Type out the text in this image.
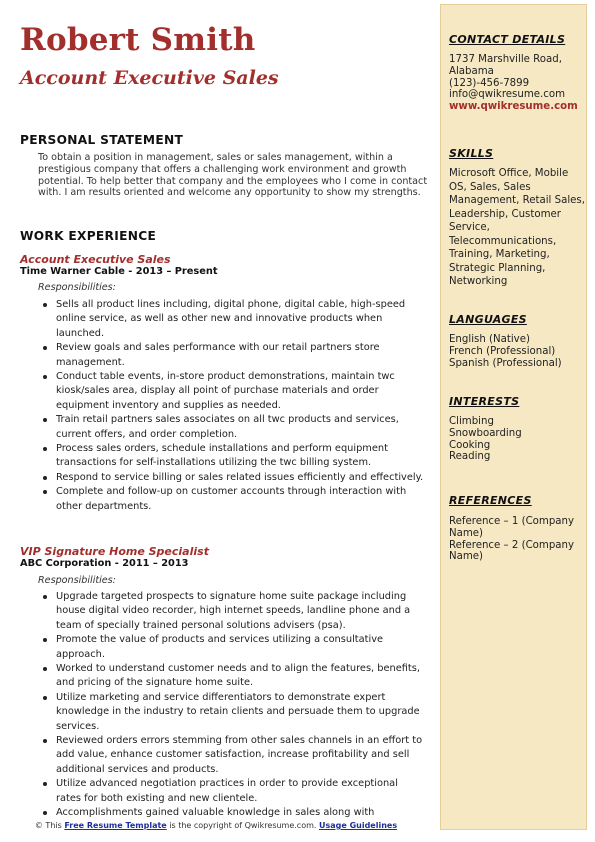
Robert Smith
Account Executive Sales
PERSONAL STATEMENT
To obtain a position in management, sales or sales management, within a prestigious company that offers a challenging work environment and growth potential. To help better that company and the employees who I come in contact with. I am results oriented and welcome any opportunity to show my strengths.
WORK EXPERIENCE
Account Executive Sales
Time Warner Cable - 2013 – Present
Responsibilities:
Sells all product lines including, digital phone, digital cable, high-speed online service, as well as other new and innovative products when launched.
Review goals and sales performance with our retail partners store management.
Conduct table events, in-store product demonstrations, maintain twc kiosk/sales area, display all point of purchase materials and order equipment inventory and supplies as needed.
Train retail partners sales associates on all twc products and services, current offers, and order completion.
Process sales orders, schedule installations and perform equipment transactions for self-installations utilizing the twc billing system.
Respond to service billing or sales related issues efficiently and effectively.
Complete and follow-up on customer accounts through interaction with other departments.
VIP Signature Home Specialist
ABC Corporation - 2011 – 2013
Responsibilities:
Upgrade targeted prospects to signature home suite package including house digital video recorder, high internet speeds, landline phone and a team of specially trained personal solutions advisers (psa).
Promote the value of products and services utilizing a consultative approach.
Worked to understand customer needs and to align the features, benefits, and pricing of the signature home suite.
Utilize marketing and service differentiators to demonstrate expert knowledge in the industry to retain clients and persuade them to upgrade services.
Reviewed orders errors stemming from other sales channels in an effort to add value, enhance customer satisfaction, increase profitability and sell additional services and products.
Utilize advanced negotiation practices in order to provide exceptional rates for both existing and new clientele.
Accomplishments gained valuable knowledge in sales along with
© This Free Resume Template is the copyright of Qwikresume.com. Usage Guidelines
CONTACT DETAILS
1737 Marshville Road,
Alabama
(123)-456-7899
info@qwikresume.com
www.qwikresume.com
SKILLS
Microsoft Office, Mobile OS, Sales, Sales Management, Retail Sales, Leadership, Customer Service, Telecommunications, Training, Marketing, Strategic Planning, Networking
LANGUAGES
English (Native)
French (Professional)
Spanish (Professional)
INTERESTS
Climbing
Snowboarding
Cooking
Reading
REFERENCES
Reference – 1 (Company Name)
Reference – 2 (Company Name)
